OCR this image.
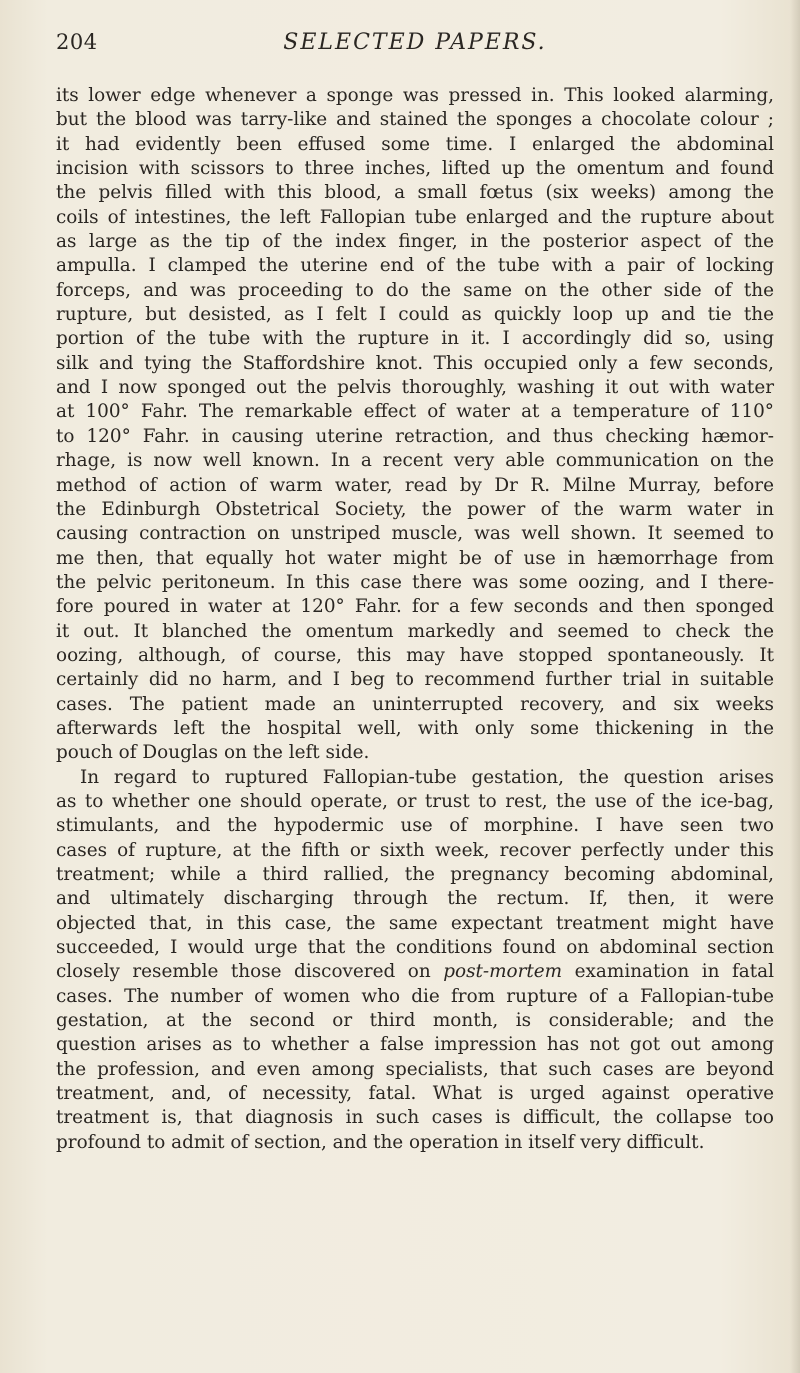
204	SELECTED PAPERS.

its lower edge whenever a sponge was pressed in. This looked alarming,
but the blood was tarry-like and stained the sponges a chocolate colour ;
it had evidently been effused some time. I enlarged the abdominal
incision with scissors to three inches, lifted up the omentum and found
the pelvis filled with this blood, a small fœtus (six weeks) among the
coils of intestines, the left Fallopian tube enlarged and the rupture about
as large as the tip of the index finger, in the posterior aspect of the
ampulla. I clamped the uterine end of the tube with a pair of locking
forceps, and was proceeding to do the same on the other side of the
rupture, but desisted, as I felt I could as quickly loop up and tie the
portion of the tube with the rupture in it. I accordingly did so, using
silk and tying the Staffordshire knot. This occupied only a few seconds,
and I now sponged out the pelvis thoroughly, washing it out with water
at 100° Fahr. The remarkable effect of water at a temperature of 110°
to 120° Fahr. in causing uterine retraction, and thus checking hæmor-
rhage, is now well known. In a recent very able communication on the
method of action of warm water, read by Dr R. Milne Murray, before
the Edinburgh Obstetrical Society, the power of the warm water in
causing contraction on unstriped muscle, was well shown. It seemed to
me then, that equally hot water might be of use in hæmorrhage from
the pelvic peritoneum. In this case there was some oozing, and I there-
fore poured in water at 120° Fahr. for a few seconds and then sponged
it out. It blanched the omentum markedly and seemed to check the
oozing, although, of course, this may have stopped spontaneously. It
certainly did no harm, and I beg to recommend further trial in suitable
cases. The patient made an uninterrupted recovery, and six weeks
afterwards left the hospital well, with only some thickening in the
pouch of Douglas on the left side.

In regard to ruptured Fallopian-tube gestation, the question arises
as to whether one should operate, or trust to rest, the use of the ice-bag,
stimulants, and the hypodermic use of morphine. I have seen two
cases of rupture, at the fifth or sixth week, recover perfectly under this
treatment; while a third rallied, the pregnancy becoming abdominal,
and ultimately discharging through the rectum. If, then, it were
objected that, in this case, the same expectant treatment might have
succeeded, I would urge that the conditions found on abdominal section
closely resemble those discovered on post-mortem examination in fatal
cases. The number of women who die from rupture of a Fallopian-tube
gestation, at the second or third month, is considerable; and the
question arises as to whether a false impression has not got out among
the profession, and even among specialists, that such cases are beyond
treatment, and, of necessity, fatal. What is urged against operative
treatment is, that diagnosis in such cases is difficult, the collapse too
profound to admit of section, and the operation in itself very difficult.
